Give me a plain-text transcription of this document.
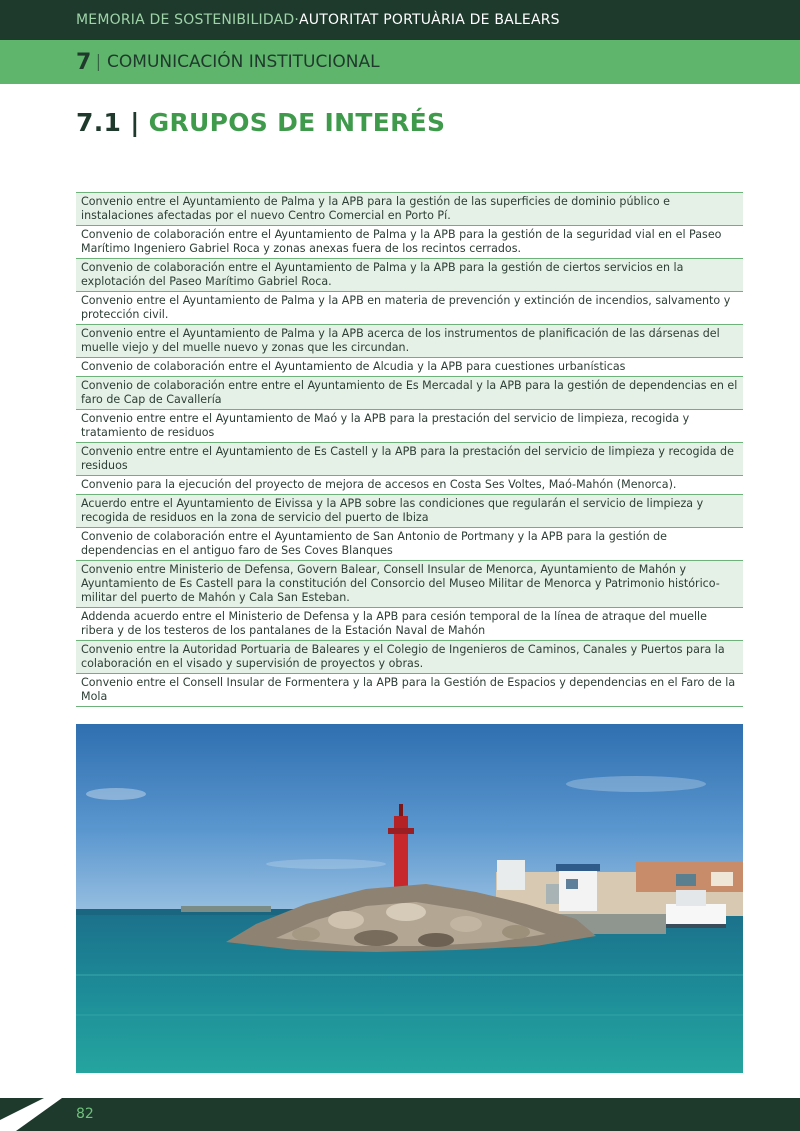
MEMORIA DE SOSTENIBILIDAD · AUTORITAT PORTUÀRIA DE BALEARS
7 | COMUNICACIÓN INSTITUCIONAL
7.1 | GRUPOS DE INTERÉS
Convenio entre el Ayuntamiento de Palma y la APB para la gestión de las superficies de dominio público e instalaciones afectadas por el nuevo Centro Comercial en Porto Pí.
Convenio de colaboración entre el Ayuntamiento de Palma y la APB para la gestión de la seguridad vial en el Paseo Marítimo Ingeniero Gabriel Roca y zonas anexas fuera de los recintos cerrados.
Convenio de colaboración entre el Ayuntamiento de Palma y la APB para la gestión de ciertos servicios en la explotación del Paseo Marítimo Gabriel Roca.
Convenio entre el Ayuntamiento de Palma y la APB en materia de prevención y extinción de incendios, salvamento y protección civil.
Convenio entre el Ayuntamiento de Palma y la APB acerca de los instrumentos de planificación de las dársenas del muelle viejo y del muelle nuevo y zonas que les circundan.
Convenio de colaboración entre el Ayuntamiento de Alcudia y la APB para cuestiones urbanísticas
Convenio de colaboración entre entre el Ayuntamiento de Es Mercadal y la APB para la gestión de dependencias en el faro de Cap de Cavallería
Convenio entre entre el Ayuntamiento de Maó y la APB para la prestación del servicio de limpieza, recogida y tratamiento de residuos
Convenio entre entre el Ayuntamiento de Es Castell y la APB para la prestación del servicio de limpieza y recogida de residuos
Convenio para la ejecución del proyecto de mejora de accesos en Costa Ses Voltes, Maó-Mahón (Menorca).
Acuerdo entre el Ayuntamiento de Eivissa y la APB sobre las condiciones que regularán el servicio de limpieza y recogida de residuos en la zona de servicio del puerto de Ibiza
Convenio de colaboración entre el Ayuntamiento de San Antonio de Portmany y la APB para la gestión de dependencias en el antiguo faro de Ses Coves Blanques
Convenio entre Ministerio de Defensa, Govern Balear, Consell Insular de Menorca, Ayuntamiento de Mahón y Ayuntamiento de Es Castell para la constitución del Consorcio del Museo Militar de Menorca y Patrimonio histórico-militar del puerto de Mahón y Cala San Esteban.
Addenda acuerdo entre el Ministerio de Defensa y la APB para cesión temporal de la línea de atraque del muelle ribera y de los testeros de los pantalanes de la Estación Naval de Mahón
Convenio entre la Autoridad Portuaria de Baleares y el Colegio de Ingenieros de Caminos, Canales y Puertos para la colaboración en el visado y supervisión de proyectos y obras.
Convenio entre el Consell Insular de Formentera y la APB para la Gestión de Espacios y dependencias en el Faro de la Mola
82
